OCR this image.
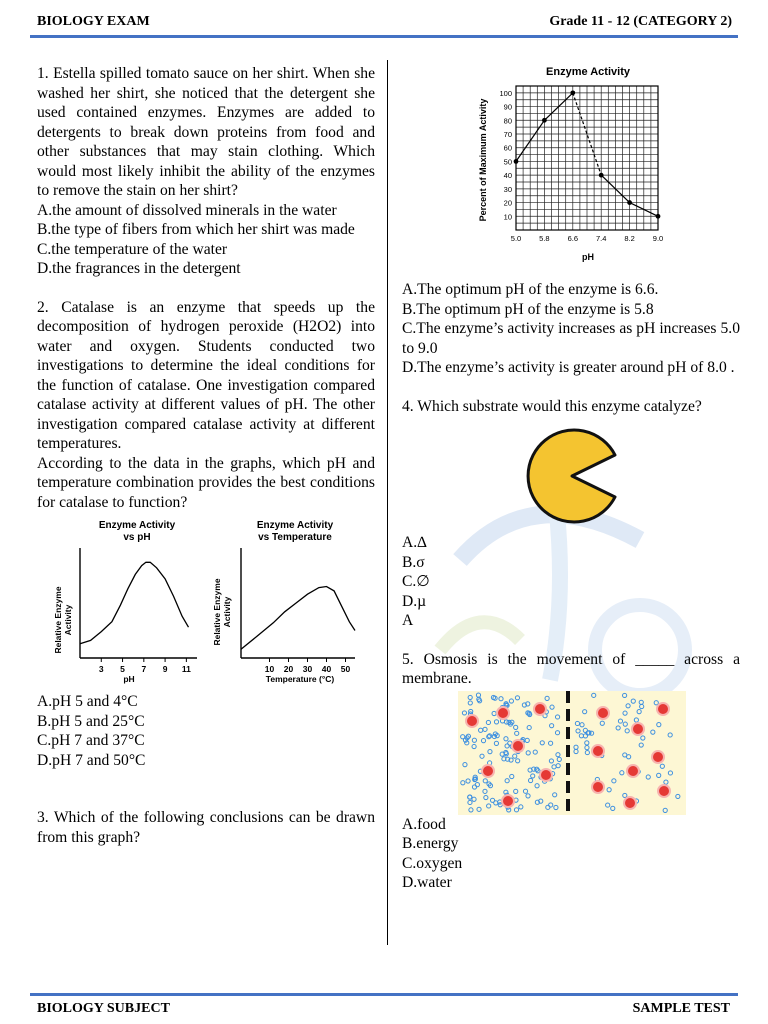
BIOLOGY EXAM	Grade 11 - 12 (CATEGORY 2)

1. Estella spilled tomato sauce on her shirt. When she washed her shirt, she noticed that the detergent she used contained enzymes. Enzymes are added to detergents to break down proteins from food and other substances that may stain clothing. Which would most likely inhibit the ability of the enzymes to remove the stain on her shirt?

A.the amount of dissolved minerals in the water

B.the type of fibers from which her shirt was made

C.the temperature of the water

D.the fragrances in the detergent

2. Catalase is an enzyme that speeds up the decomposition of hydrogen peroxide (H2O2) into water and oxygen. Students conducted two investigations to determine the ideal conditions for the function of catalase. One investigation compared catalase activity at different values of pH. The other investigation compared catalase activity at different temperatures.

According to the data in the graphs, which pH and temperature combination provides the best conditions for catalase to function?

Enzyme Activity
vs pH
Relative Enzyme Activity
pH
3 5 7 9 11
Enzyme Activity
vs Temperature
Relative Enzyme Activity
Temperature (°C)
10 20 30 40 50

A.pH 5 and 4°C

B.pH 5 and 25°C

C.pH 7 and 37°C

D.pH 7 and 50°C

3. Which of the following conclusions can be drawn from this graph?

Enzyme Activity
Percent of Maximum Activity
pH
10
20
30
40
50
60
70
80
90
100
5.0 5.8 6.6 7.4 8.2 9.0

A.The optimum pH of the enzyme is 6.6.

B.The optimum pH of the enzyme is 5.8

C.The enzyme’s activity increases as pH increases 5.0 to 9.0

D.The enzyme’s activity is greater around pH of 8.0 .

4. Which substrate would this enzyme catalyze?

A.∆

B.σ

C.∅

D.µ

A

5. Osmosis is the movement of _____ across a membrane.

A.food

B.energy

C.oxygen

D.water

BIOLOGY SUBJECT	SAMPLE TEST
